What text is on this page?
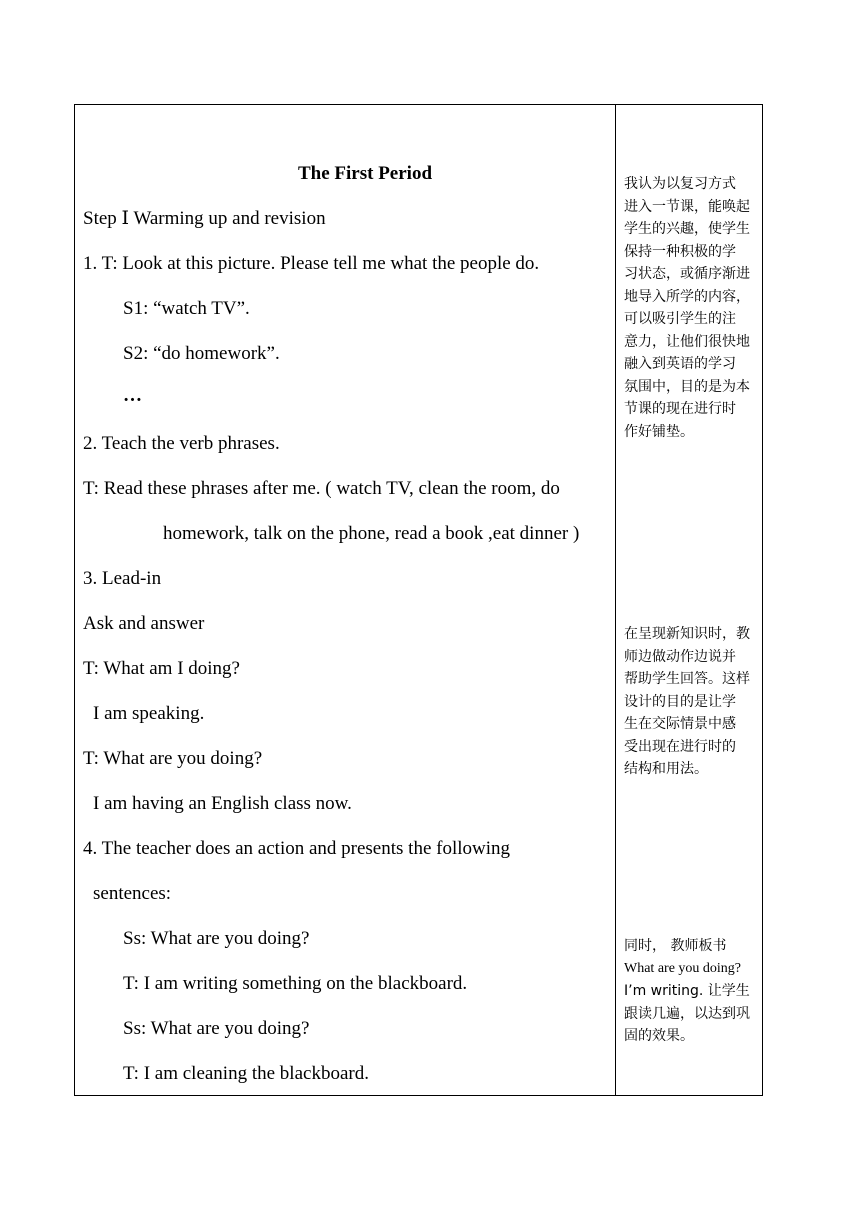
The First Period
Step Ⅰ Warming up and revision
1. T: Look at this picture. Please tell me what the people do.
S1: “watch TV”.
S2: “do homework”.
…
2. Teach the verb phrases.
T: Read these phrases after me. ( watch TV, clean the room, do
homework, talk on the phone, read a book ,eat dinner )
3. Lead-in
Ask and answer
T: What am I doing?
I am speaking.
T: What are you doing?
I am having an English class now.
4. The teacher does an action and presents the following
sentences:
Ss: What are you doing?
T: I am writing something on the blackboard.
Ss: What are you doing?
T: I am cleaning the blackboard.
我认为以复习方式
进入一节课，能唤起
学生的兴趣，使学生
保持一种积极的学
习状态，或循序渐进
地导入所学的内容，
可以吸引学生的注
意力，让他们很快地
融入到英语的学习
氛围中，目的是为本
节课的现在进行时
作好铺垫。
在呈现新知识时，教
师边做动作边说并
帮助学生回答。这样
设计的目的是让学
生在交际情景中感
受出现在进行时的
结构和用法。
同时， 教师板书
What are you doing?
I’m writing. 让学生
跟读几遍，以达到巩
固的效果。
